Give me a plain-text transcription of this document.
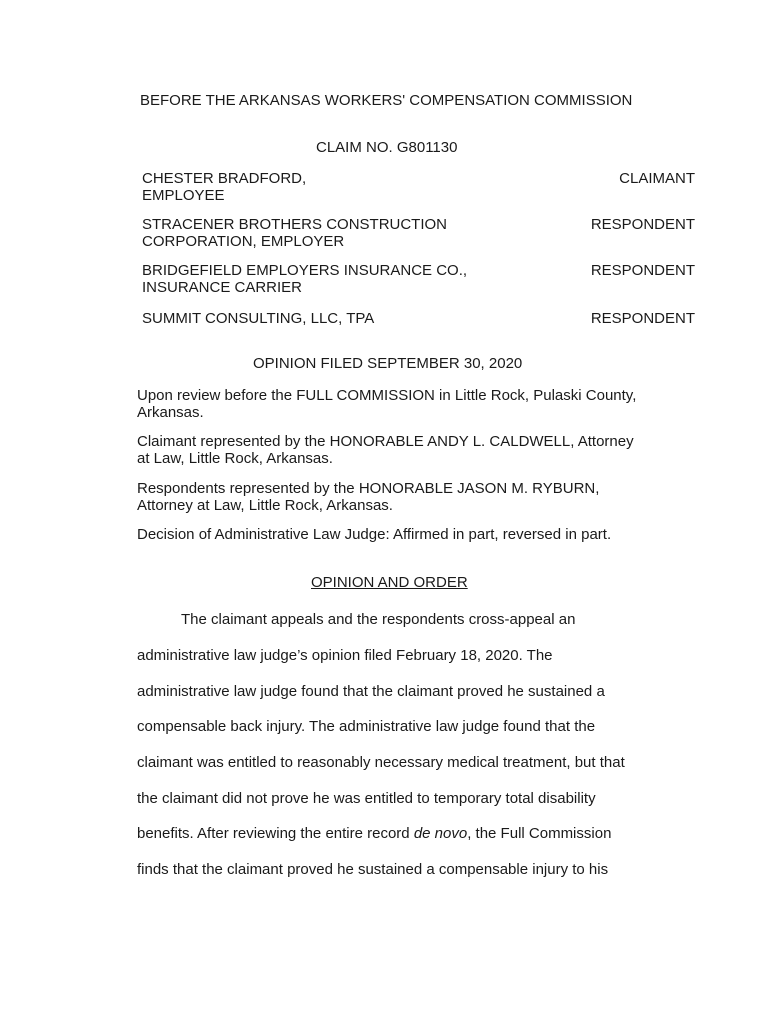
BEFORE THE ARKANSAS WORKERS' COMPENSATION COMMISSION
CLAIM NO. G801130
CHESTER BRADFORD,
EMPLOYEE
CLAIMANT
STRACENER BROTHERS CONSTRUCTION
CORPORATION, EMPLOYER
RESPONDENT
BRIDGEFIELD EMPLOYERS INSURANCE CO.,
INSURANCE CARRIER
RESPONDENT
SUMMIT CONSULTING, LLC, TPA	RESPONDENT
OPINION FILED SEPTEMBER 30, 2020
Upon review before the FULL COMMISSION in Little Rock, Pulaski County,
Arkansas.
Claimant represented by the HONORABLE ANDY L. CALDWELL, Attorney
at Law, Little Rock, Arkansas.
Respondents represented by the HONORABLE JASON M. RYBURN,
Attorney at Law, Little Rock, Arkansas.
Decision of Administrative Law Judge: Affirmed in part, reversed in part.
OPINION AND ORDER
The claimant appeals and the respondents cross-appeal an
administrative law judge’s opinion filed February 18, 2020. The
administrative law judge found that the claimant proved he sustained a
compensable back injury. The administrative law judge found that the
claimant was entitled to reasonably necessary medical treatment, but that
the claimant did not prove he was entitled to temporary total disability
benefits. After reviewing the entire record de novo, the Full Commission
finds that the claimant proved he sustained a compensable injury to his
